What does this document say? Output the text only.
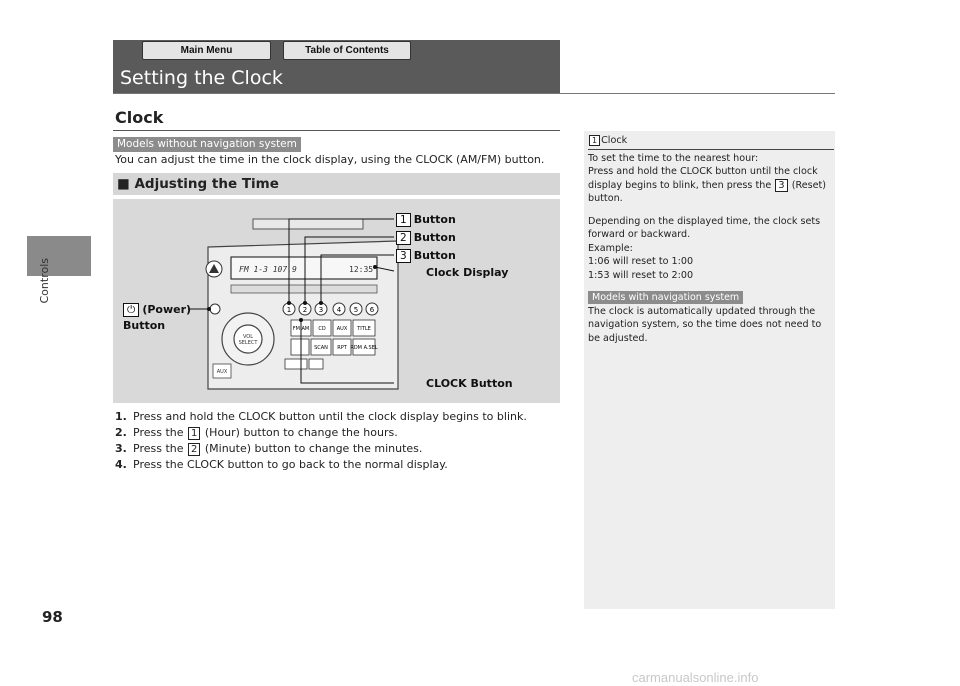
Controls
Main Menu	Table of Contents
Setting the Clock
Clock
Models without navigation system
You can adjust the time in the clock display, using the CLOCK (AM/FM) button.
■ Adjusting the Time
FM 1-3 107.9	12:35
VOL
SELECT
AUX
1 2 3 4 5 6
FM AM CD AUX TITLE
SCAN RPT RDM A.SEL
1 Button
2 Button
3 Button
Clock Display
⏻ (Power)
Button
CLOCK Button
1. Press and hold the CLOCK button until the clock display begins to blink.
2. Press the 1 (Hour) button to change the hours.
3. Press the 2 (Minute) button to change the minutes.
4. Press the CLOCK button to go back to the normal display.

1 Clock

To set the time to the nearest hour:

Press and hold the CLOCK button until the clock display begins to blink, then press the 3 (Reset) button.

Depending on the displayed time, the clock sets forward or backward.

Example:

1:06 will reset to 1:00

1:53 will reset to 2:00

Models with navigation system

The clock is automatically updated through the navigation system, so the time does not need to be adjusted.

98
carmanualsonline.info
